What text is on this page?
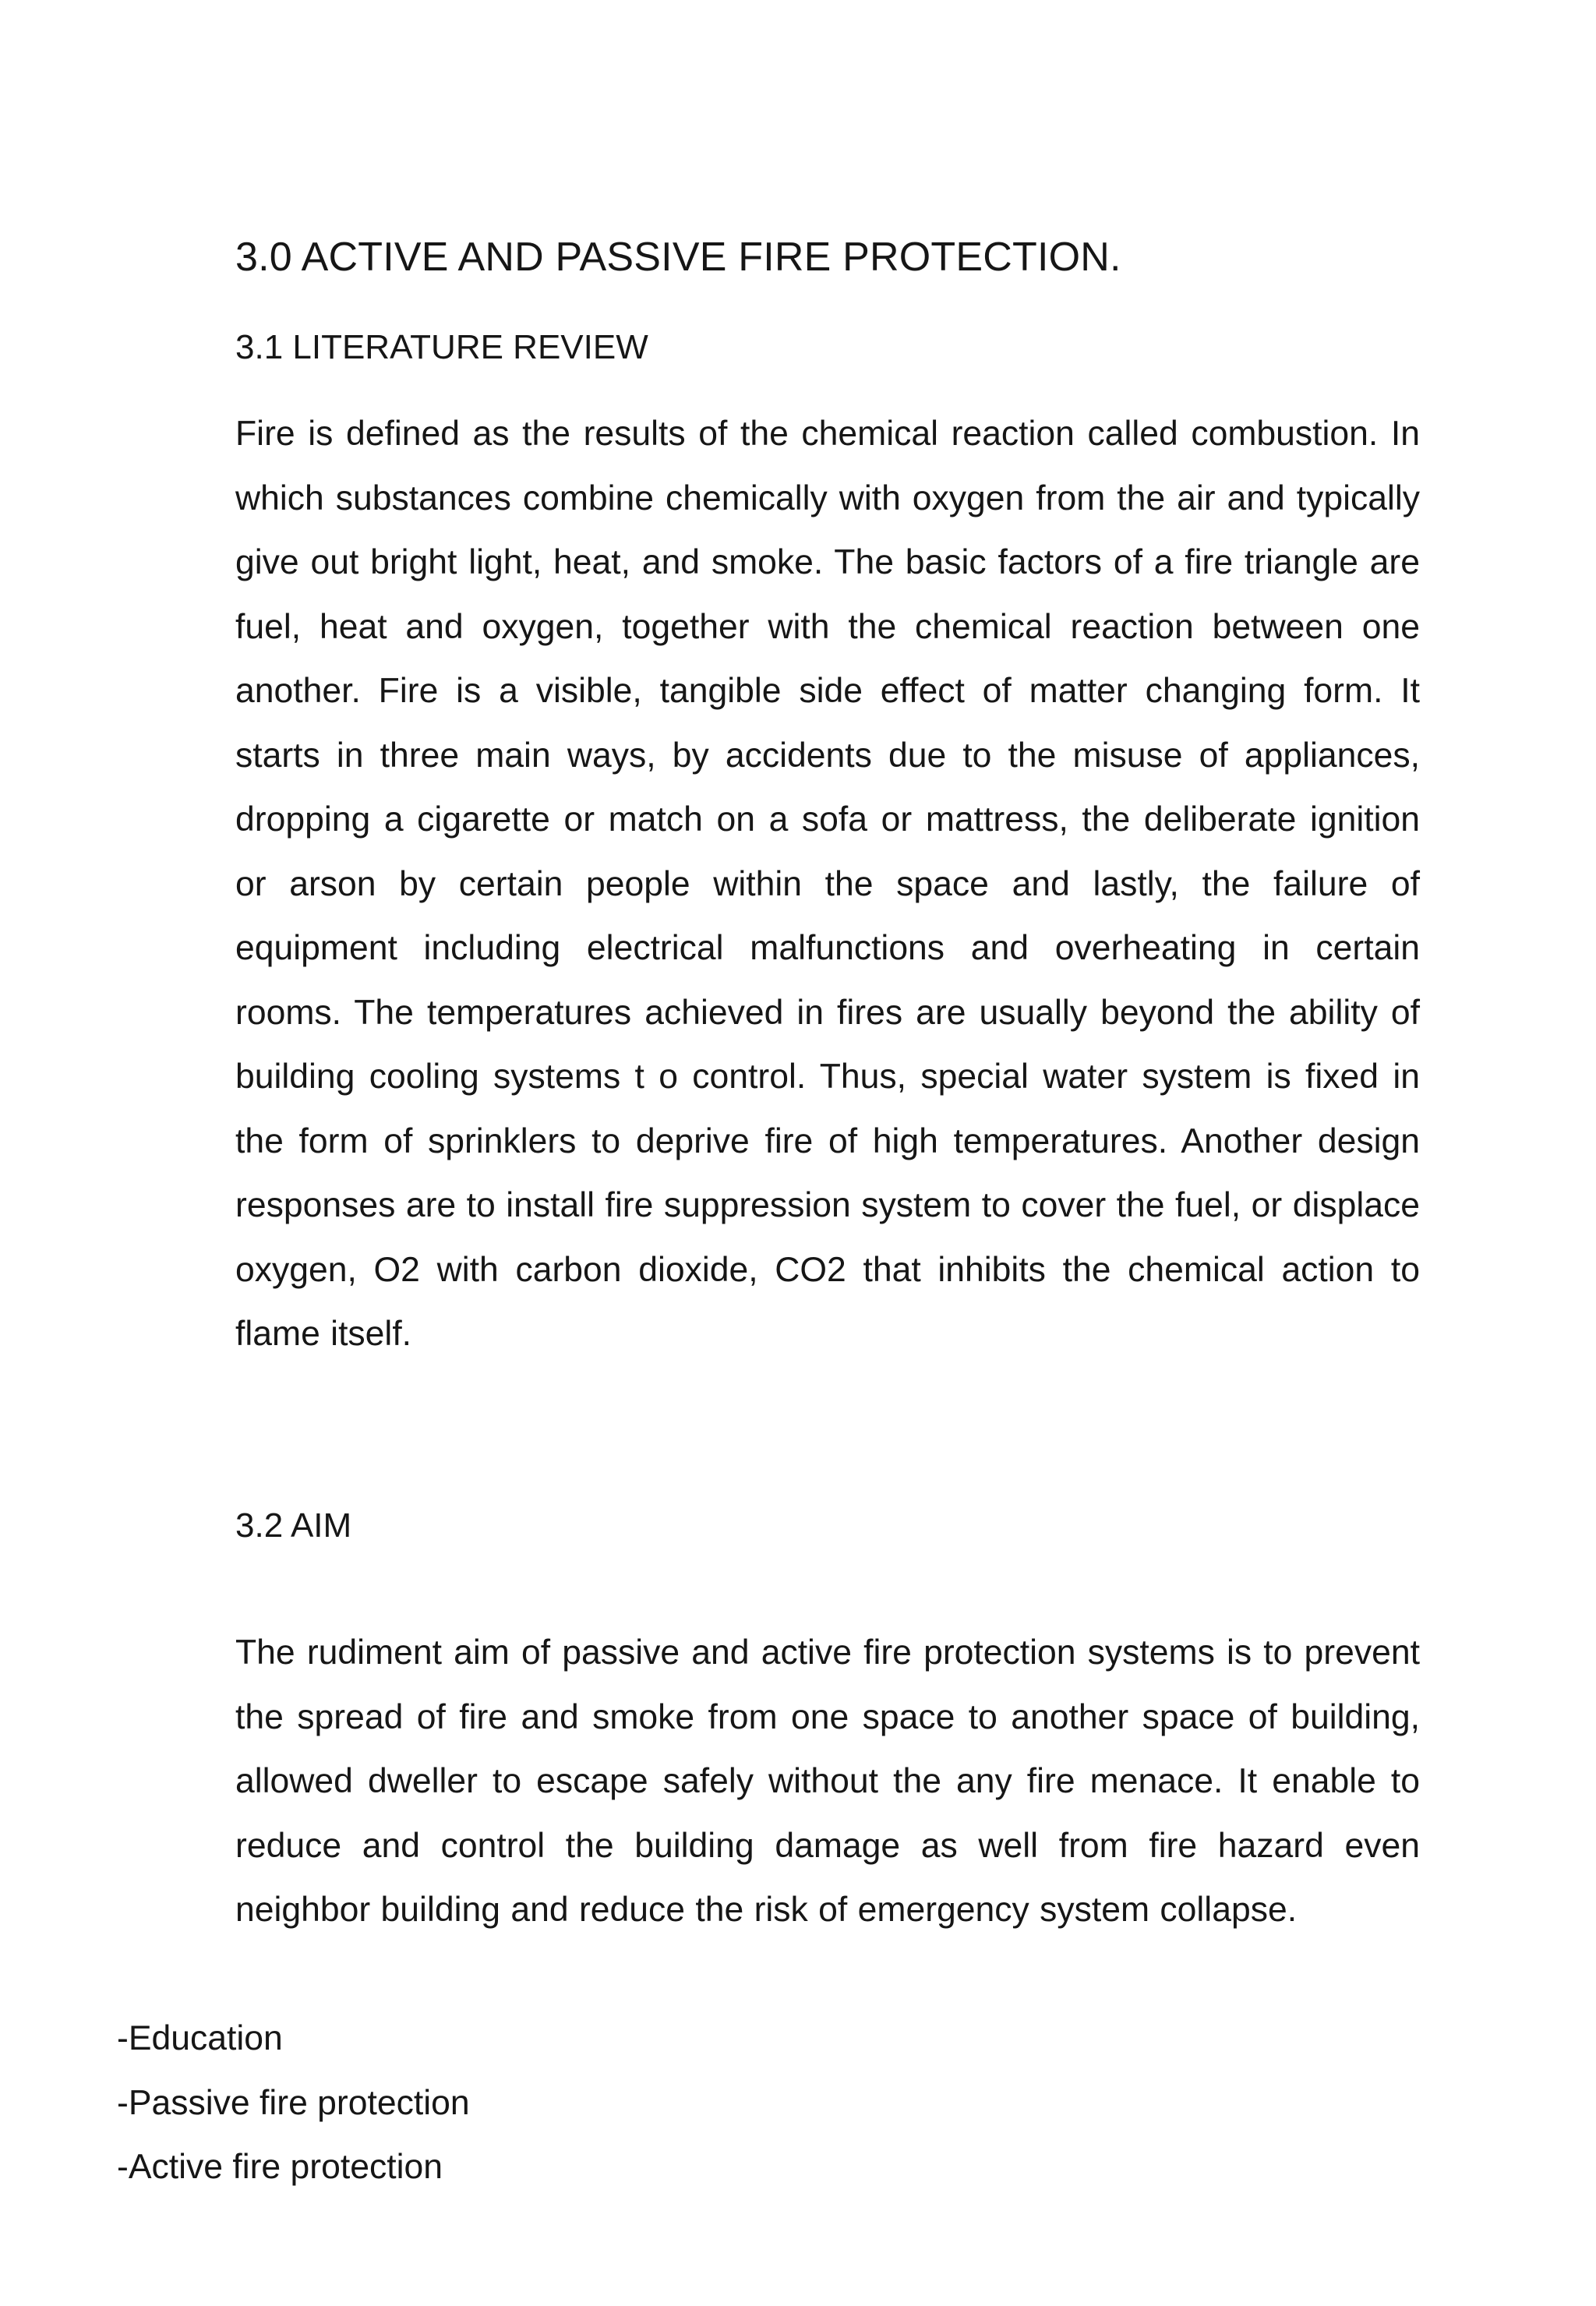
3.0 ACTIVE AND PASSIVE FIRE PROTECTION.
3.1 LITERATURE REVIEW

Fire is defined as the results of the chemical reaction called combustion. In which substances combine chemically with oxygen from the air and typically give out bright light, heat, and smoke. The basic factors of a fire triangle are fuel, heat and oxygen, together with the chemical reaction between one another. Fire is a visible, tangible side effect of matter changing form. It starts in three main ways, by accidents due to the misuse of appliances, dropping a cigarette or match on a sofa or mattress, the deliberate ignition or arson by certain people within the space and lastly, the failure of equipment including electrical malfunctions and overheating in certain rooms. The temperatures achieved in fires are usually beyond the ability of building cooling systems t o control. Thus, special water system is fixed in the form of sprinklers to deprive fire of high temperatures. Another design responses are to install fire suppression system to cover the fuel, or displace oxygen, O2 with carbon dioxide, CO2 that inhibits the chemical action to flame itself.

3.2 AIM

The rudiment aim of passive and active fire protection systems is to prevent the spread of fire and smoke from one space to another space of building, allowed dweller to escape safely without the any fire menace. It enable to reduce and control the building damage as well from fire hazard even neighbor building and reduce the risk of emergency system collapse.

-Education
-Passive fire protection
-Active fire protection
